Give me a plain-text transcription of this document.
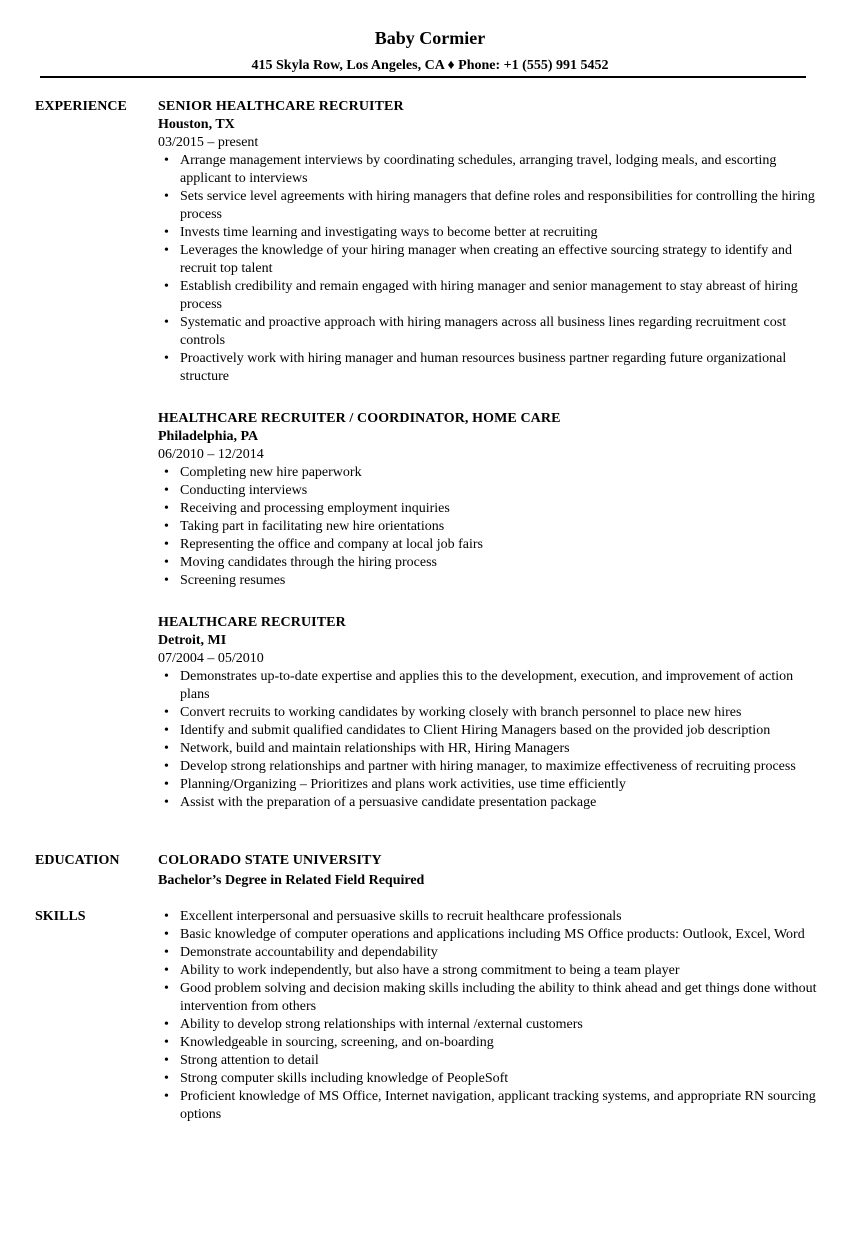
Baby Cormier
415 Skyla Row, Los Angeles, CA ♦ Phone: +1 (555) 991 5452
EXPERIENCE SENIOR HEALTHCARE RECRUITER
Houston, TX
03/2015 – present
• Arrange management interviews by coordinating schedules, arranging travel, lodging meals, and escorting applicant to interviews
• Sets service level agreements with hiring managers that define roles and responsibilities for controlling the hiring process
• Invests time learning and investigating ways to become better at recruiting
• Leverages the knowledge of your hiring manager when creating an effective sourcing strategy to identify and recruit top talent
• Establish credibility and remain engaged with hiring manager and senior management to stay abreast of hiring process
• Systematic and proactive approach with hiring managers across all business lines regarding recruitment cost controls
• Proactively work with hiring manager and human resources business partner regarding future organizational structure
HEALTHCARE RECRUITER / COORDINATOR, HOME CARE
Philadelphia, PA
06/2010 – 12/2014
• Completing new hire paperwork
• Conducting interviews
• Receiving and processing employment inquiries
• Taking part in facilitating new hire orientations
• Representing the office and company at local job fairs
• Moving candidates through the hiring process
• Screening resumes
HEALTHCARE RECRUITER
Detroit, MI
07/2004 – 05/2010
• Demonstrates up-to-date expertise and applies this to the development, execution, and improvement of action plans
• Convert recruits to working candidates by working closely with branch personnel to place new hires
• Identify and submit qualified candidates to Client Hiring Managers based on the provided job description
• Network, build and maintain relationships with HR, Hiring Managers
• Develop strong relationships and partner with hiring manager, to maximize effectiveness of recruiting process
• Planning/Organizing – Prioritizes and plans work activities, use time efficiently
• Assist with the preparation of a persuasive candidate presentation package
EDUCATION	COLORADO STATE UNIVERSITY
Bachelor’s Degree in Related Field Required
SKILLS
•	Excellent interpersonal and persuasive skills to recruit healthcare professionals
• Basic knowledge of computer operations and applications including MS Office products: Outlook, Excel, Word
• Demonstrate accountability and dependability
• Ability to work independently, but also have a strong commitment to being a team player
• Good problem solving and decision making skills including the ability to think ahead and get things done without intervention from others
• Ability to develop strong relationships with internal /external customers
• Knowledgeable in sourcing, screening, and on-boarding
• Strong attention to detail
• Strong computer skills including knowledge of PeopleSoft
• Proficient knowledge of MS Office, Internet navigation, applicant tracking systems, and appropriate RN sourcing options
